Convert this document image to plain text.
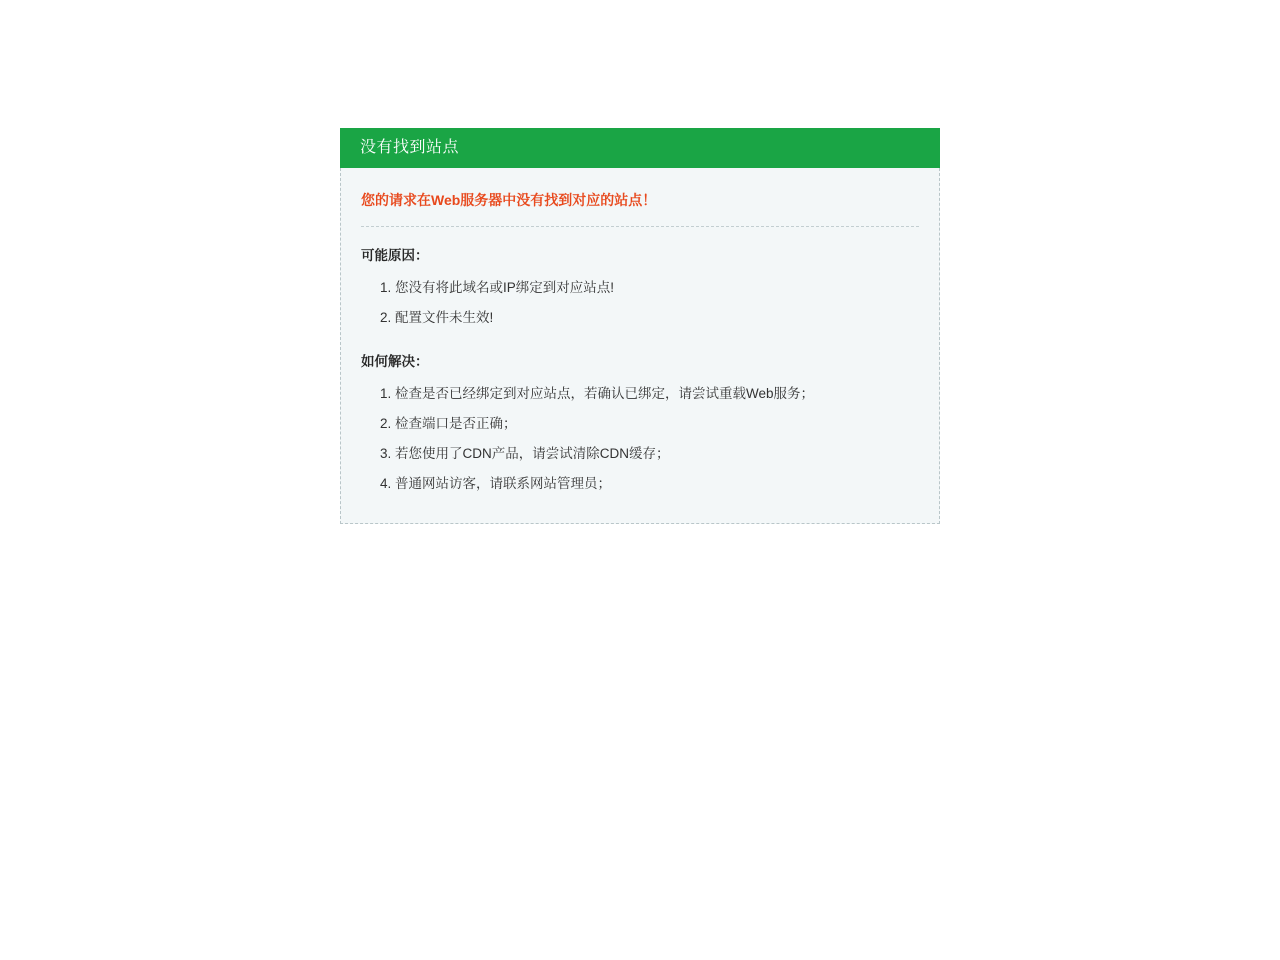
没有找到站点

您的请求在Web服务器中没有找到对应的站点！

可能原因：
1. 您没有将此域名或IP绑定到对应站点!
2. 配置文件未生效!
如何解决：
1. 检查是否已经绑定到对应站点，若确认已绑定，请尝试重载Web服务；
2. 检查端口是否正确；
3. 若您使用了CDN产品，请尝试清除CDN缓存；
4. 普通网站访客，请联系网站管理员；
